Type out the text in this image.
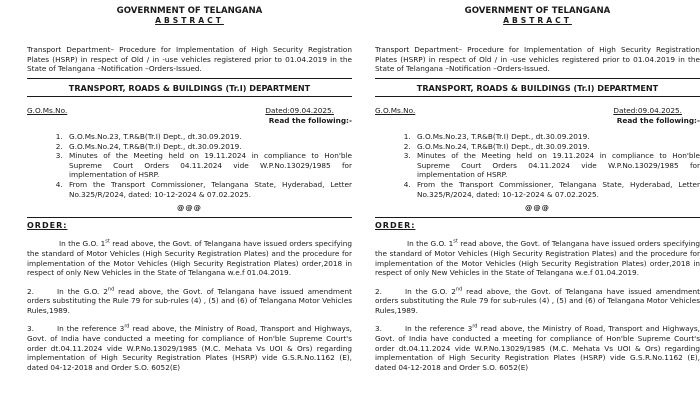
GOVERNMENT OF TELANGANA
ABSTRACT
Transport Department– Procedure for Implementation of High Security Registration Plates (HSRP) in respect of Old / in -use vehicles registered prior to 01.04.2019 in the State of Telangana –Notification –Orders-Issued.
TRANSPORT, ROADS & BUILDINGS (Tr.I) DEPARTMENT
G.O.Ms.No.	Dated:09.04.2025.
Read the following:-
1. G.O.Ms.No.23, T.R&B(Tr.I) Dept., dt.30.09.2019.
2. G.O.Ms.No.24, T.R&B(Tr.I) Dept., dt.30.09.2019.
3. Minutes of the Meeting held on 19.11.2024 in compliance to Hon'ble Supreme Court Orders 04.11.2024 vide W.P.No.13029/1985 for implementation of HSRP.
4. From the Transport Commissioner, Telangana State, Hyderabad, Letter No.325/R/2024, dated: 10-12-2024 & 07.02.2025.
@@@
ORDER:
In the G.O. 1st read above, the Govt. of Telangana have issued orders specifying the standard of Motor Vehicles (High Security Registration Plates) and the procedure for implementation of the Motor Vehicles (High Security Registration Plates) order,2018 in respect of only New Vehicles in the State of Telangana w.e.f 01.04.2019.
2.	In the G.O. 2nd read above, the Govt. of Telangana have issued amendment orders substituting the Rule 79 for sub-rules (4) , (5) and (6) of Telangana Motor Vehicles Rules,1989.
3.	In the reference 3rd read above, the Ministry of Road, Transport and Highways, Govt. of India have conducted a meeting for compliance of Hon'ble Supreme Court's order dt.04.11.2024 vide W.P.No.13029/1985 (M.C. Mehata Vs UOI & Ors) regarding implementation of High Security Registration Plates (HSRP) vide G.S.R.No.1162 (E), dated 04-12-2018 and Order S.O. 6052(E)
GOVERNMENT OF TELANGANA
ABSTRACT
Transport Department– Procedure for Implementation of High Security Registration Plates (HSRP) in respect of Old / in -use vehicles registered prior to 01.04.2019 in the State of Telangana –Notification –Orders-Issued.
TRANSPORT, ROADS & BUILDINGS (Tr.I) DEPARTMENT
G.O.Ms.No.	Dated:09.04.2025.
Read the following:-
1. G.O.Ms.No.23, T.R&B(Tr.I) Dept., dt.30.09.2019.
2. G.O.Ms.No.24, T.R&B(Tr.I) Dept., dt.30.09.2019.
3. Minutes of the Meeting held on 19.11.2024 in compliance to Hon'ble Supreme Court Orders 04.11.2024 vide W.P.No.13029/1985 for implementation of HSRP.
4. From the Transport Commissioner, Telangana State, Hyderabad, Letter No.325/R/2024, dated: 10-12-2024 & 07.02.2025.
@@@
ORDER:
In the G.O. 1st read above, the Govt. of Telangana have issued orders specifying the standard of Motor Vehicles (High Security Registration Plates) and the procedure for implementation of the Motor Vehicles (High Security Registration Plates) order,2018 in respect of only New Vehicles in the State of Telangana w.e.f 01.04.2019.
2.	In the G.O. 2nd read above, the Govt. of Telangana have issued amendment orders substituting the Rule 79 for sub-rules (4) , (5) and (6) of Telangana Motor Vehicles Rules,1989.
3.	In the reference 3rd read above, the Ministry of Road, Transport and Highways, Govt. of India have conducted a meeting for compliance of Hon'ble Supreme Court's order dt.04.11.2024 vide W.P.No.13029/1985 (M.C. Mehata Vs UOI & Ors) regarding implementation of High Security Registration Plates (HSRP) vide G.S.R.No.1162 (E), dated 04-12-2018 and Order S.O. 6052(E)
